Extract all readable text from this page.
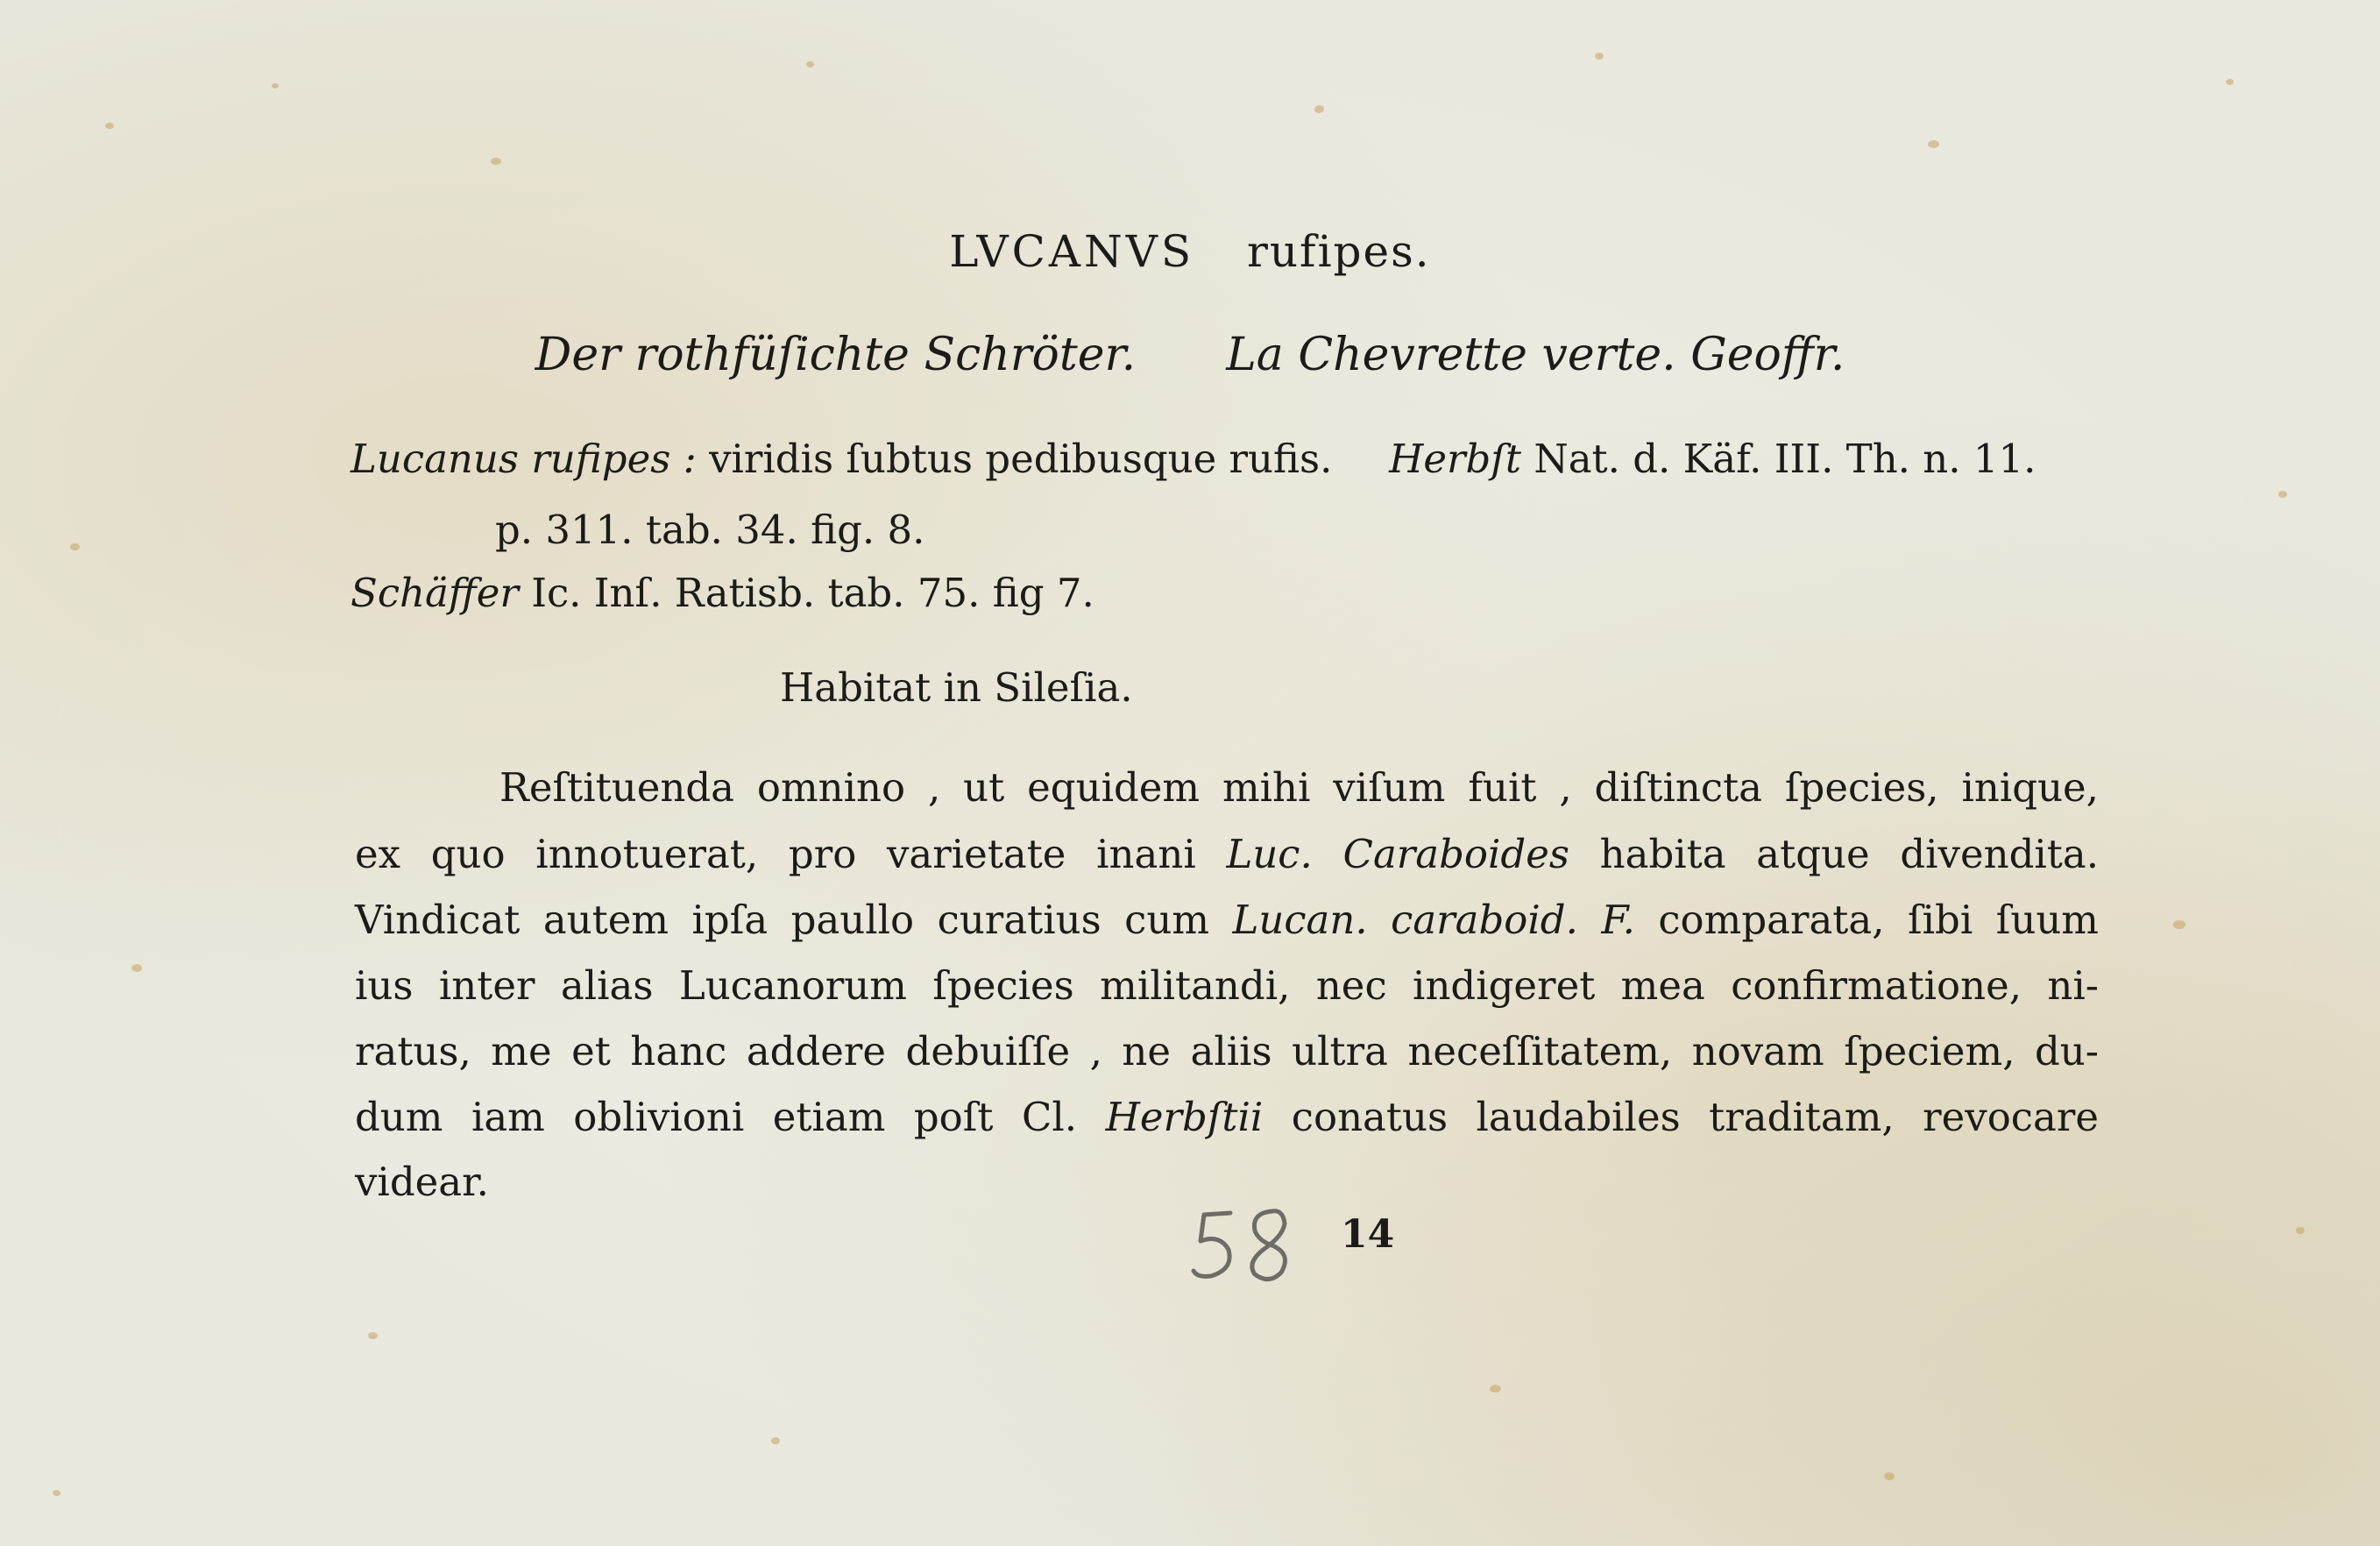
LVCANVS rufipes.
Der rothfüſichte Schröter. La Chevrette verte. Geoffr.
Lucanus rufipes : viridis ſubtus pedibusque rufis. Herbſt Nat. d. Käf. III. Th. n. 11.
p. 311. tab. 34. fig. 8.
Schäffer Ic. Inſ. Ratisb. tab. 75. fig 7.
Habitat in Sileſia.
Reſtituenda omnino , ut equidem mihi viſum fuit , diſtincta ſpecies, inique,
ex quo innotuerat, pro varietate inani Luc. Caraboides habita atque divendita.
Vindicat autem ipſa paullo curatius cum Lucan. caraboid. F. comparata, ſibi ſuum
ius inter alias Lucanorum ſpecies militandi, nec indigeret mea confirmatione, ni-
ratus, me et hanc addere debuiſſe , ne aliis ultra neceſſitatem, novam ſpeciem, du-
dum iam oblivioni etiam poſt Cl. Herbſtii conatus laudabiles traditam, revocare
videar.
14
